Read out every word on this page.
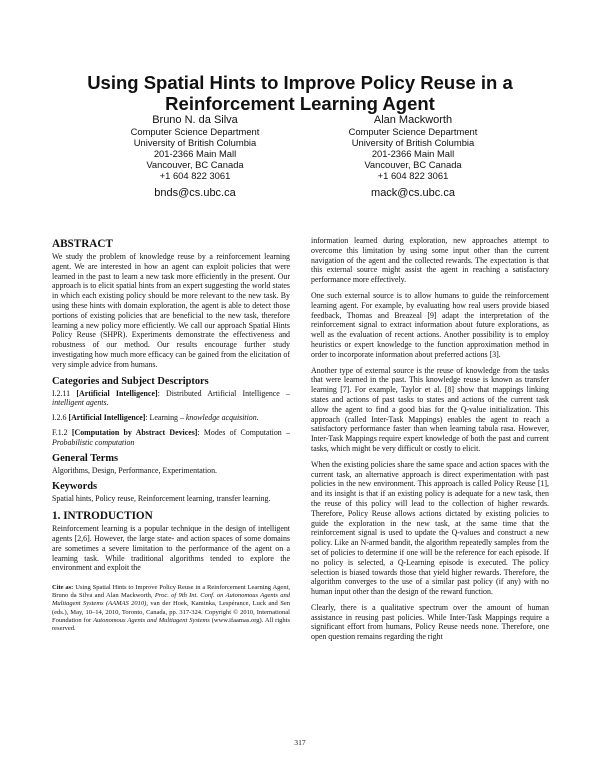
Using Spatial Hints to Improve Policy Reuse in a Reinforcement Learning Agent
Bruno N. da Silva
Computer Science Department
University of British Columbia
201-2366 Main Mall
Vancouver, BC Canada
+1 604 822 3061
bnds@cs.ubc.ca
Alan Mackworth
Computer Science Department
University of British Columbia
201-2366 Main Mall
Vancouver, BC Canada
+1 604 822 3061
mack@cs.ubc.ca
ABSTRACT

We study the problem of knowledge reuse by a reinforcement learning agent. We are interested in how an agent can exploit policies that were learned in the past to learn a new task more efficiently in the present. Our approach is to elicit spatial hints from an expert suggesting the world states in which each existing policy should be more relevant to the new task. By using these hints with domain exploration, the agent is able to detect those portions of existing policies that are beneficial to the new task, therefore learning a new policy more efficiently. We call our approach Spatial Hints Policy Reuse (SHPR). Experiments demonstrate the effectiveness and robustness of our method. Our results encourage further study investigating how much more efficacy can be gained from the elicitation of very simple advice from humans.

Categories and Subject Descriptors

I.2.11 [Artificial Intelligence]: Distributed Artificial Intelligence – intelligent agents.

I.2.6 [Artificial Intelligence]: Learning – knowledge acquisition.

F.1.2 [Computation by Abstract Devices]: Modes of Computation – Probabilistic computation

General Terms

Algorithms, Design, Performance, Experimentation.

Keywords

Spatial hints, Policy reuse, Reinforcement learning, transfer learning.

1. INTRODUCTION

Reinforcement learning is a popular technique in the design of intelligent agents [2,6]. However, the large state- and action spaces of some domains are sometimes a severe limitation to the performance of the agent on a learning task. While traditional algorithms tended to explore the environment and exploit the

Cite as: Using Spatial Hints to Improve Policy Reuse in a Reinforcement Learning Agent, Bruno da Silva and Alan Mackworth, Proc. of 9th Int. Conf. on Autonomous Agents and Multiagent Systems (AAMAS 2010), van der Hoek, Kaminka, Lespérance, Luck and Sen (eds.), May, 10–14, 2010, Toronto, Canada, pp. 317-324. Copyright © 2010, International Foundation for Autonomous Agents and Multiagent Systems (www.ifaamas.org). All rights reserved.

information learned during exploration, new approaches attempt to overcome this limitation by using some input other than the current navigation of the agent and the collected rewards. The expectation is that this external source might assist the agent in reaching a satisfactory performance more effectively.

One such external source is to allow humans to guide the reinforcement learning agent. For example, by evaluating how real users provide biased feedback, Thomas and Breazeal [9] adapt the interpretation of the reinforcement signal to extract information about future explorations, as well as the evaluation of recent actions. Another possibility is to employ heuristics or expert knowledge to the function approximation method in order to incorporate information about preferred actions [3].

Another type of external source is the reuse of knowledge from the tasks that were learned in the past. This knowledge reuse is known as transfer learning [7]. For example, Taylor et al. [8] show that mappings linking states and actions of past tasks to states and actions of the current task allow the agent to find a good bias for the Q-value initialization. This approach (called Inter-Task Mappings) enables the agent to reach a satisfactory performance faster than when learning tabula rasa. However, Inter-Task Mappings require expert knowledge of both the past and current tasks, which might be very difficult or costly to elicit.

When the existing policies share the same space and action spaces with the current task, an alternative approach is direct experimentation with past policies in the new environment. This approach is called Policy Reuse [1], and its insight is that if an existing policy is adequate for a new task, then the reuse of this policy will lead to the collection of higher rewards. Therefore, Policy Reuse allows actions dictated by existing policies to guide the exploration in the new task, at the same time that the reinforcement signal is used to update the Q-values and construct a new policy. Like an N-armed bandit, the algorithm repeatedly samples from the set of policies to determine if one will be the reference for each episode. If no policy is selected, a Q-Learning episode is executed. The policy selection is biased towards those that yield higher rewards. Therefore, the algorithm converges to the use of a similar past policy (if any) with no human input other than the design of the reward function.

Clearly, there is a qualitative spectrum over the amount of human assistance in reusing past policies. While Inter-Task Mappings require a significant effort from humans, Policy Reuse needs none. Therefore, one open question remains regarding the right

317
